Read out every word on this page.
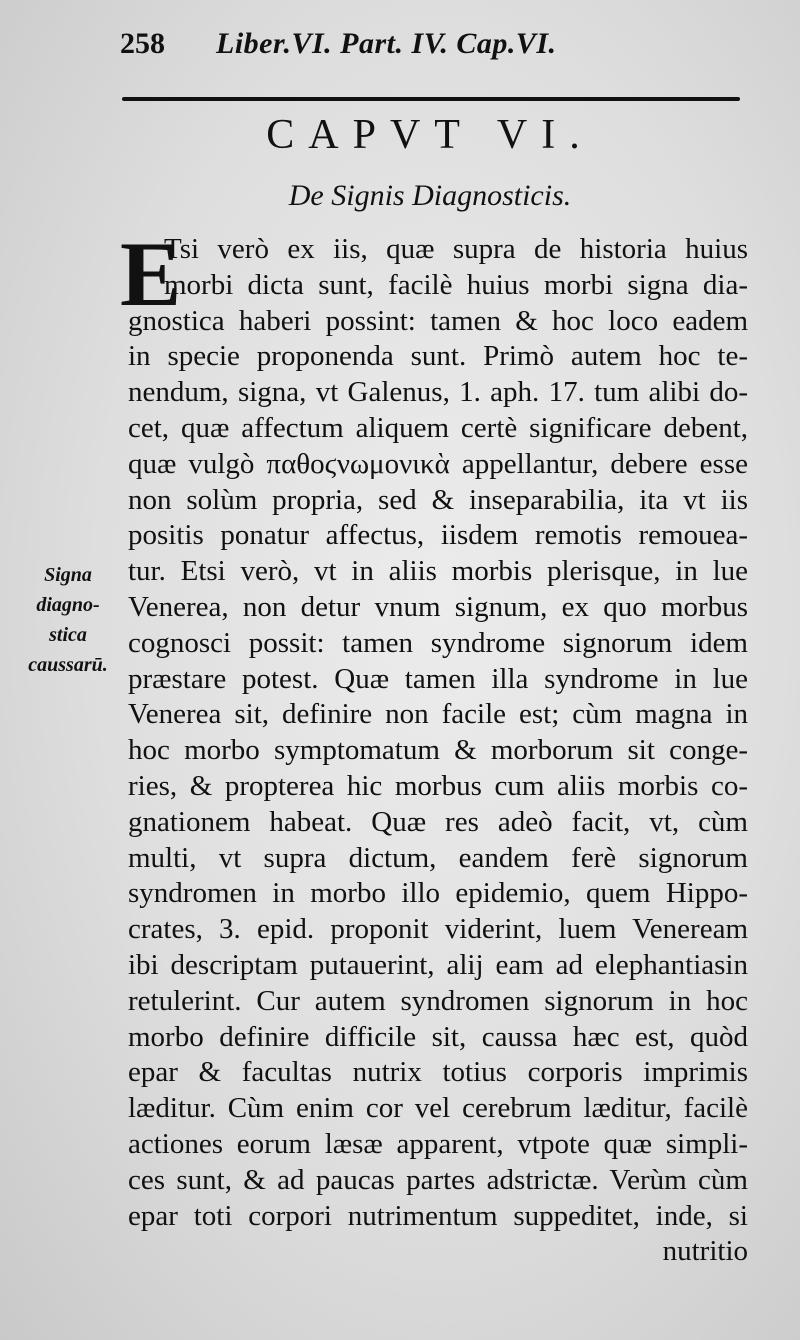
258 Liber.VI. Part. IV. Cap.VI.
CAPVT VI.
De Signis Diagnosticis.
E
Tsi verò ex iis, quæ supra de historia huius
morbi dicta sunt, facilè huius morbi signa dia-
gnostica haberi possint: tamen & hoc loco eadem
in specie proponenda sunt. Primò autem hoc te-
nendum, signa, vt Galenus, 1. aph. 17. tum alibi do-
cet, quæ affectum aliquem certè significare debent,
quæ vulgò παθοϛνωμονικὰ appellantur, debere esse
non solùm propria, sed & inseparabilia, ita vt iis
positis ponatur affectus, iisdem remotis remoueа-
tur. Etsi verò, vt in aliis morbis plerisque, in lue
Venerea, non detur vnum signum, ex quo morbus
cognosci possit: tamen syndrome signorum idem
præstare potest. Quæ tamen illa syndrome in lue
Venerea sit, definire non facile est; cùm magna in
hoc morbo symptomatum & morborum sit conge-
ries, & propterea hic morbus cum aliis morbis co-
gnationem habeat. Quæ res adeò facit, vt, cùm
multi, vt supra dictum, eandem ferè signorum
syndromen in morbo illo epidemio, quem Hippo-
crates, 3. epid. proponit viderint, luem Veneream
ibi descriptam putauerint, alij eam ad elephantiasin
retulerint. Cur autem syndromen signorum in hoc
morbo definire difficile sit, caussa hæc est, quòd
epar & facultas nutrix totius corporis imprimis
læditur. Cùm enim cor vel cerebrum læditur, facilè
actiones eorum læsæ apparent, vtpote quæ simpli-
ces sunt, & ad paucas partes adstrictæ. Verùm cùm
epar toti corpori nutrimentum suppeditet, inde, si
nutritio
Signa
diagno-
stica
caussarū.
